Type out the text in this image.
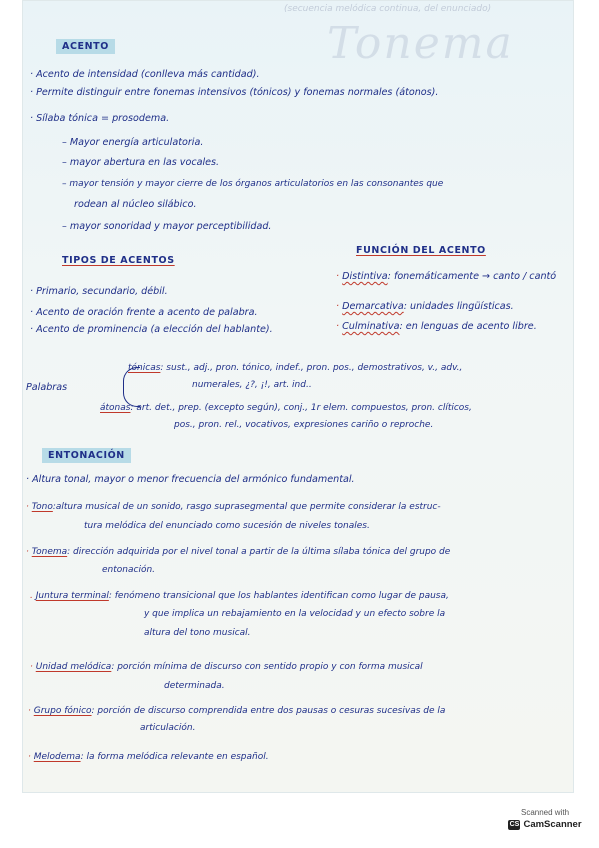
(secuencia melódica continua, del enunciado)
Tonema
ACENTO
· Acento de intensidad (conlleva más cantidad).
· Permite distinguir entre fonemas intensivos (tónicos) y fonemas normales (átonos).
· Sílaba tónica = prosodema.
– Mayor energía articulatoria.
– mayor abertura en las vocales.
– mayor tensión y mayor cierre de los órganos articulatorios en las consonantes que
rodean al núcleo silábico.
– mayor sonoridad y mayor perceptibilidad.
TIPOS DE ACENTOS
· Primario, secundario, débil.
· Acento de oración frente a acento de palabra.
· Acento de prominencia (a elección del hablante).
FUNCIÓN DEL ACENTO
· Distintiva: fonemáticamente → canto / cantó
· Demarcativa: unidades lingüísticas.
· Culminativa: en lenguas de acento libre.
Palabras
tónicas: sust., adj., pron. tónico, indef., pron. pos., demostrativos, v., adv.,
numerales, ¿?, ¡!, art. ind..
átonas: art. det., prep. (excepto según), conj., 1r elem. compuestos, pron. clíticos,
pos., pron. rel., vocativos, expresiones cariño o reproche.
ENTONACIÓN
· Altura tonal, mayor o menor frecuencia del armónico fundamental.
· Tono:altura musical de un sonido, rasgo suprasegmental que permite considerar la estruc-
tura melódica del enunciado como sucesión de niveles tonales.
· Tonema: dirección adquirida por el nivel tonal a partir de la última sílaba tónica del grupo de
entonación.
. Juntura terminal: fenómeno transicional que los hablantes identifican como lugar de pausa,
y que implica un rebajamiento en la velocidad y un efecto sobre la
altura del tono musical.
· Unidad melódica: porción mínima de discurso con sentido propio y con forma musical
determinada.
· Grupo fónico: porción de discurso comprendida entre dos pausas o cesuras sucesivas de la
articulación.
· Melodema: la forma melódica relevante en español.
Scanned with
CS CamScanner
